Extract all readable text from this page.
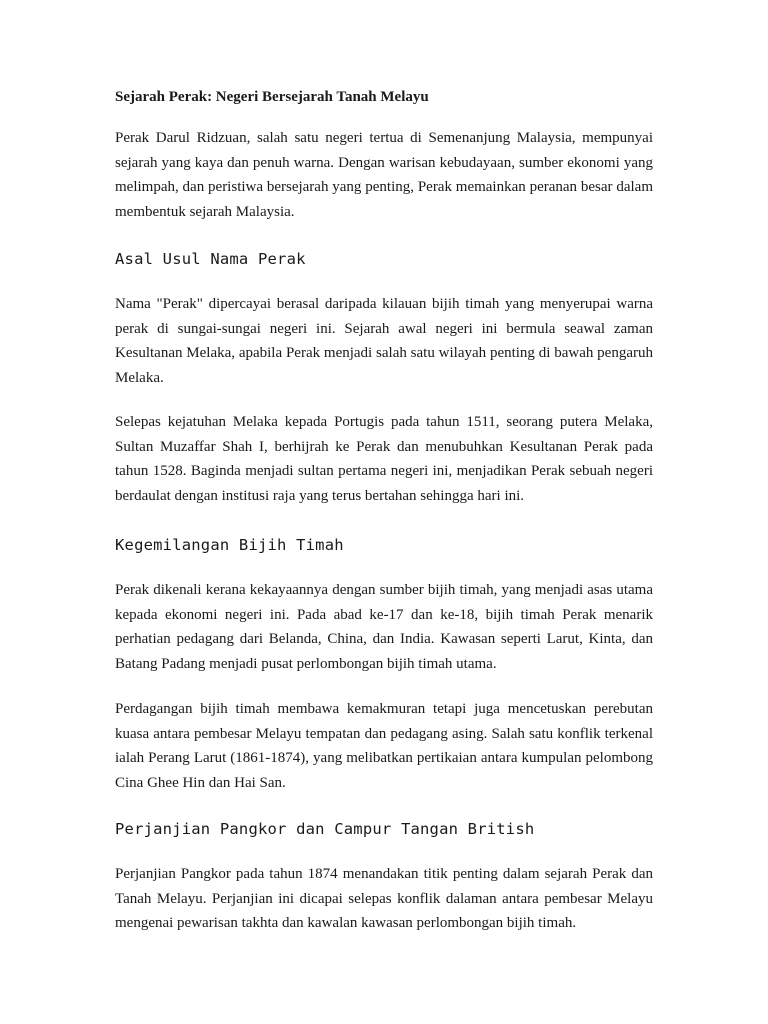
Sejarah Perak: Negeri Bersejarah Tanah Melayu

Perak Darul Ridzuan, salah satu negeri tertua di Semenanjung Malaysia, mempunyai sejarah yang kaya dan penuh warna. Dengan warisan kebudayaan, sumber ekonomi yang melimpah, dan peristiwa bersejarah yang penting, Perak memainkan peranan besar dalam membentuk sejarah Malaysia.

Asal Usul Nama Perak

Nama "Perak" dipercayai berasal daripada kilauan bijih timah yang menyerupai warna perak di sungai-sungai negeri ini. Sejarah awal negeri ini bermula seawal zaman Kesultanan Melaka, apabila Perak menjadi salah satu wilayah penting di bawah pengaruh Melaka.

Selepas kejatuhan Melaka kepada Portugis pada tahun 1511, seorang putera Melaka, Sultan Muzaffar Shah I, berhijrah ke Perak dan menubuhkan Kesultanan Perak pada tahun 1528. Baginda menjadi sultan pertama negeri ini, menjadikan Perak sebuah negeri berdaulat dengan institusi raja yang terus bertahan sehingga hari ini.

Kegemilangan Bijih Timah

Perak dikenali kerana kekayaannya dengan sumber bijih timah, yang menjadi asas utama kepada ekonomi negeri ini. Pada abad ke-17 dan ke-18, bijih timah Perak menarik perhatian pedagang dari Belanda, China, dan India. Kawasan seperti Larut, Kinta, dan Batang Padang menjadi pusat perlombongan bijih timah utama.

Perdagangan bijih timah membawa kemakmuran tetapi juga mencetuskan perebutan kuasa antara pembesar Melayu tempatan dan pedagang asing. Salah satu konflik terkenal ialah Perang Larut (1861-1874), yang melibatkan pertikaian antara kumpulan pelombong Cina Ghee Hin dan Hai San.

Perjanjian Pangkor dan Campur Tangan British

Perjanjian Pangkor pada tahun 1874 menandakan titik penting dalam sejarah Perak dan Tanah Melayu. Perjanjian ini dicapai selepas konflik dalaman antara pembesar Melayu mengenai pewarisan takhta dan kawalan kawasan perlombongan bijih timah.
